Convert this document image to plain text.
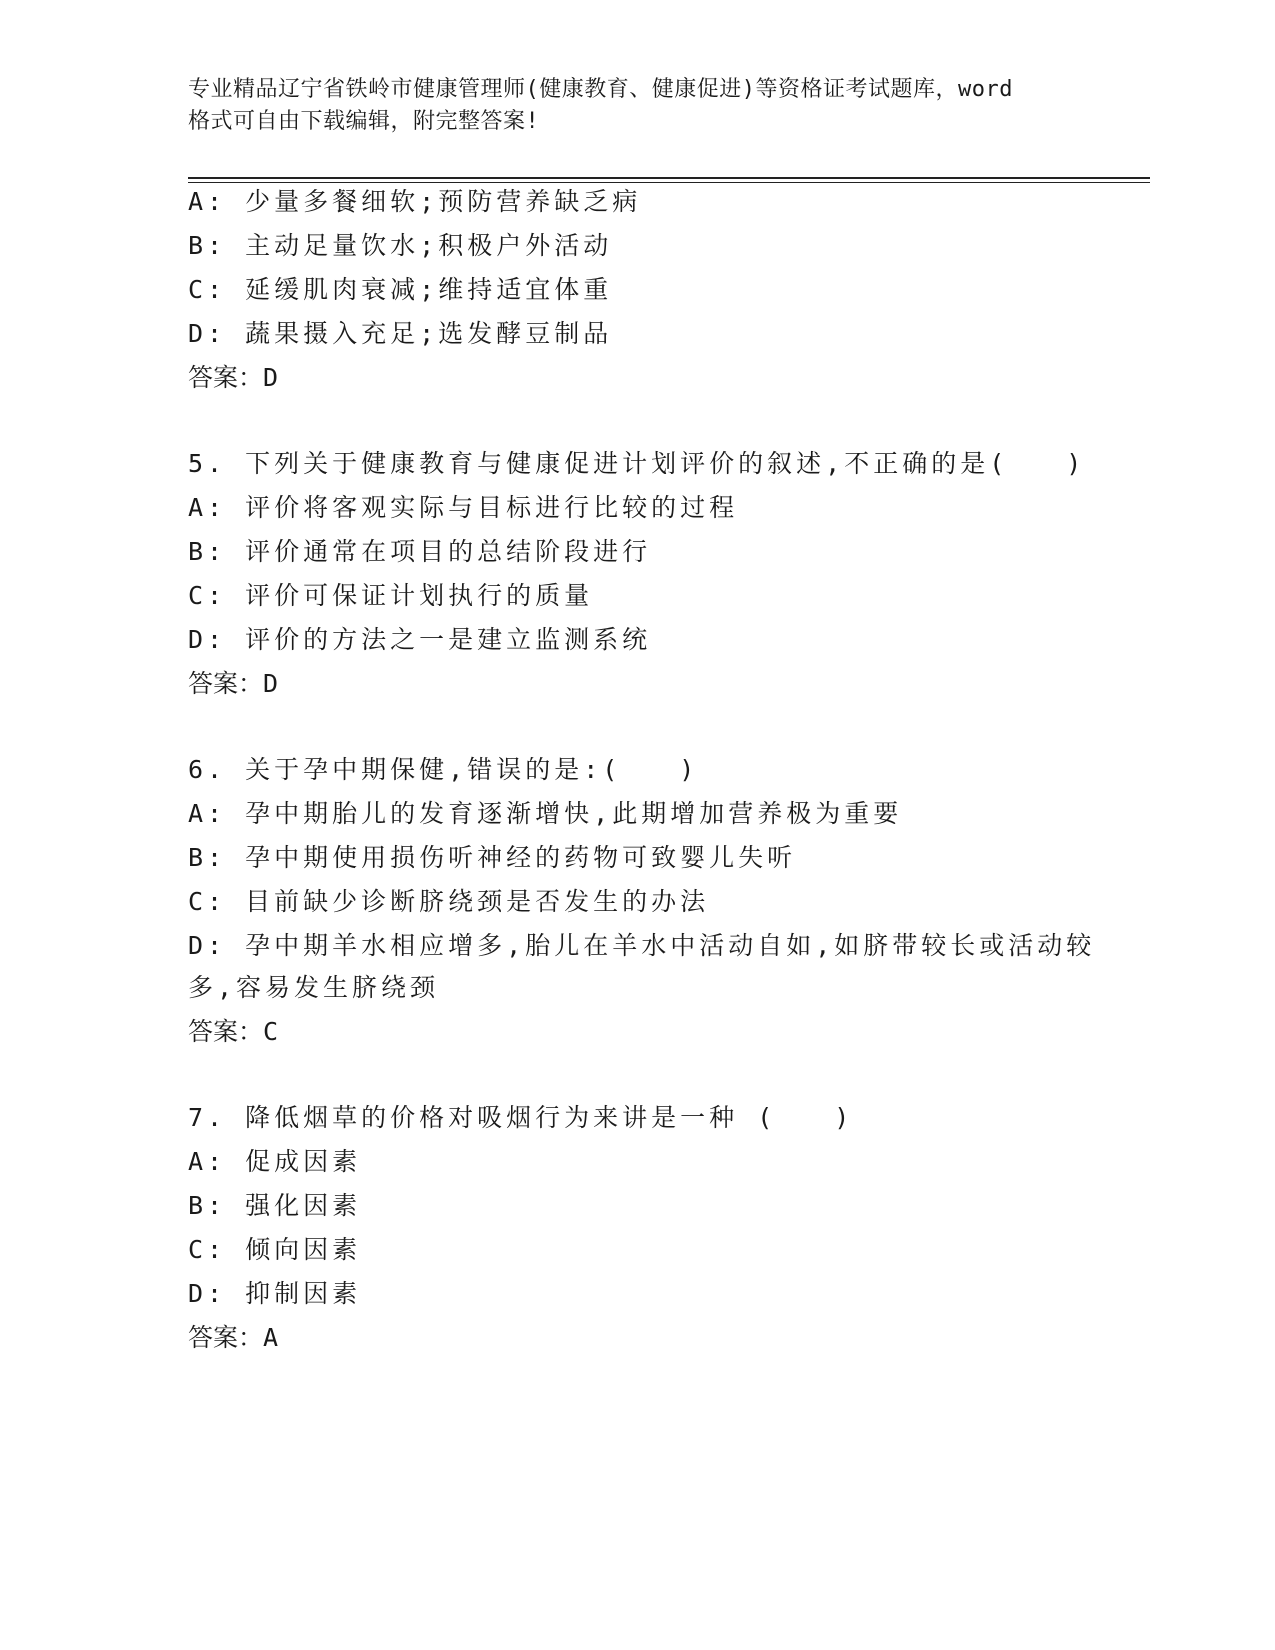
专业精品辽宁省铁岭市健康管理师(健康教育、健康促进)等资格证考试题库，word
格式可自由下载编辑，附完整答案!
A: 少量多餐细软;预防营养缺乏病
B: 主动足量饮水;积极户外活动
C: 延缓肌肉衰减;维持适宜体重
D: 蔬果摄入充足;选发酵豆制品
答案：D
5. 下列关于健康教育与健康促进计划评价的叙述,不正确的是(　　)
A: 评价将客观实际与目标进行比较的过程
B: 评价通常在项目的总结阶段进行
C: 评价可保证计划执行的质量
D: 评价的方法之一是建立监测系统
答案：D
6. 关于孕中期保健,错误的是:(　　)
A: 孕中期胎儿的发育逐渐增快,此期增加营养极为重要
B: 孕中期使用损伤听神经的药物可致婴儿失听
C: 目前缺少诊断脐绕颈是否发生的办法
D: 孕中期羊水相应增多,胎儿在羊水中活动自如,如脐带较长或活动较
多,容易发生脐绕颈
答案：C
7. 降低烟草的价格对吸烟行为来讲是一种 (　　)
A: 促成因素
B: 强化因素
C: 倾向因素
D: 抑制因素
答案：A
